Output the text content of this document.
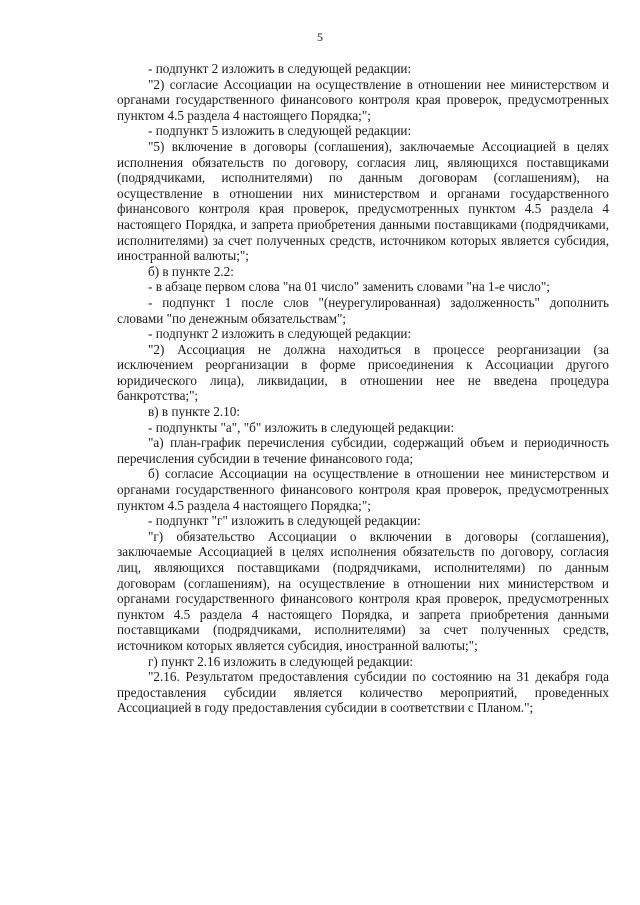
5

- подпункт 2 изложить в следующей редакции:

"2) согласие Ассоциации на осуществление в отношении нее министерством и органами государственного финансового контроля края проверок, предусмотренных пунктом 4.5 раздела 4 настоящего Порядка;";

- подпункт 5 изложить в следующей редакции:

"5) включение в договоры (соглашения), заключаемые Ассоциацией в целях исполнения обязательств по договору, согласия лиц, являющихся поставщиками (подрядчиками, исполнителями) по данным договорам (соглашениям), на осуществление в отношении них министерством и органами государственного финансового контроля края проверок, предусмотренных пунктом 4.5 раздела 4 настоящего Порядка, и запрета приобретения данными поставщиками (подрядчиками, исполнителями) за счет полученных средств, источником которых является субсидия, иностранной валюты;";

б) в пункте 2.2:

- в абзаце первом слова "на 01 число" заменить словами "на 1-е число";

- подпункт 1 после слов "(неурегулированная) задолженность" дополнить словами "по денежным обязательствам";

- подпункт 2 изложить в следующей редакции:

"2) Ассоциация не должна находиться в процессе реорганизации (за исключением реорганизации в форме присоединения к Ассоциации другого юридического лица), ликвидации, в отношении нее не введена процедура банкротства;";

в) в пункте 2.10:

- подпункты "а", "б" изложить в следующей редакции:

"а) план-график перечисления субсидии, содержащий объем и периодичность перечисления субсидии в течение финансового года;

б) согласие Ассоциации на осуществление в отношении нее министерством и органами государственного финансового контроля края проверок, предусмотренных пунктом 4.5 раздела 4 настоящего Порядка;";

- подпункт "г" изложить в следующей редакции:

"г) обязательство Ассоциации о включении в договоры (соглашения), заключаемые Ассоциацией в целях исполнения обязательств по договору, согласия лиц, являющихся поставщиками (подрядчиками, исполнителями) по данным договорам (соглашениям), на осуществление в отношении них министерством и органами государственного финансового контроля края проверок, предусмотренных пунктом 4.5 раздела 4 настоящего Порядка, и запрета приобретения данными поставщиками (подрядчиками, исполнителями) за счет полученных средств, источником которых является субсидия, иностранной валюты;";

г) пункт 2.16 изложить в следующей редакции:

"2.16. Результатом предоставления субсидии по состоянию на 31 декабря года предоставления субсидии является количество мероприятий, проведенных Ассоциацией в году предоставления субсидии в соответствии с Планом.";
